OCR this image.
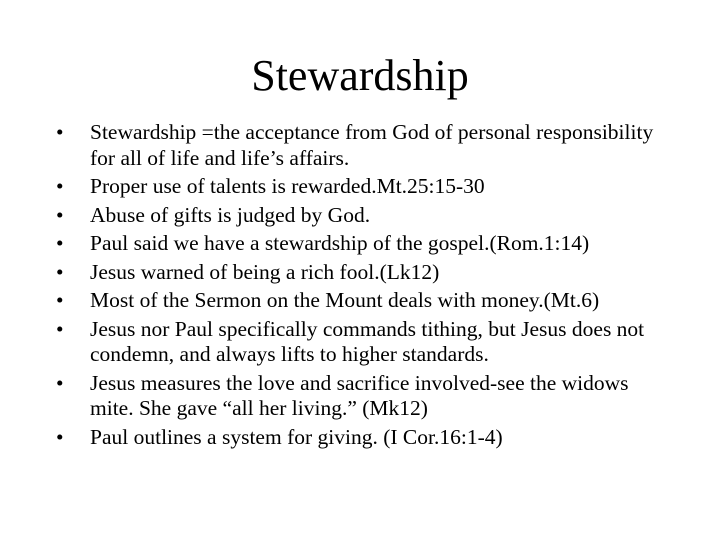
Stewardship
•	Stewardship =the acceptance from God of personal responsibility for all of life and life’s affairs.
•	Proper use of talents is rewarded.Mt.25:15-30
•	Abuse of gifts is judged by God.
•	Paul said we have a stewardship of the gospel.(Rom.1:14)
•	Jesus warned of being a rich fool.(Lk12)
•	Most of the Sermon on the Mount deals with money.(Mt.6)
•	Jesus nor Paul specifically commands tithing, but Jesus does not condemn, and always lifts to higher standards.
•	Jesus measures the love and sacrifice involved-see the widows mite. She gave “all her living.” (Mk12)
•	Paul outlines a system for giving. (I Cor.16:1-4)
